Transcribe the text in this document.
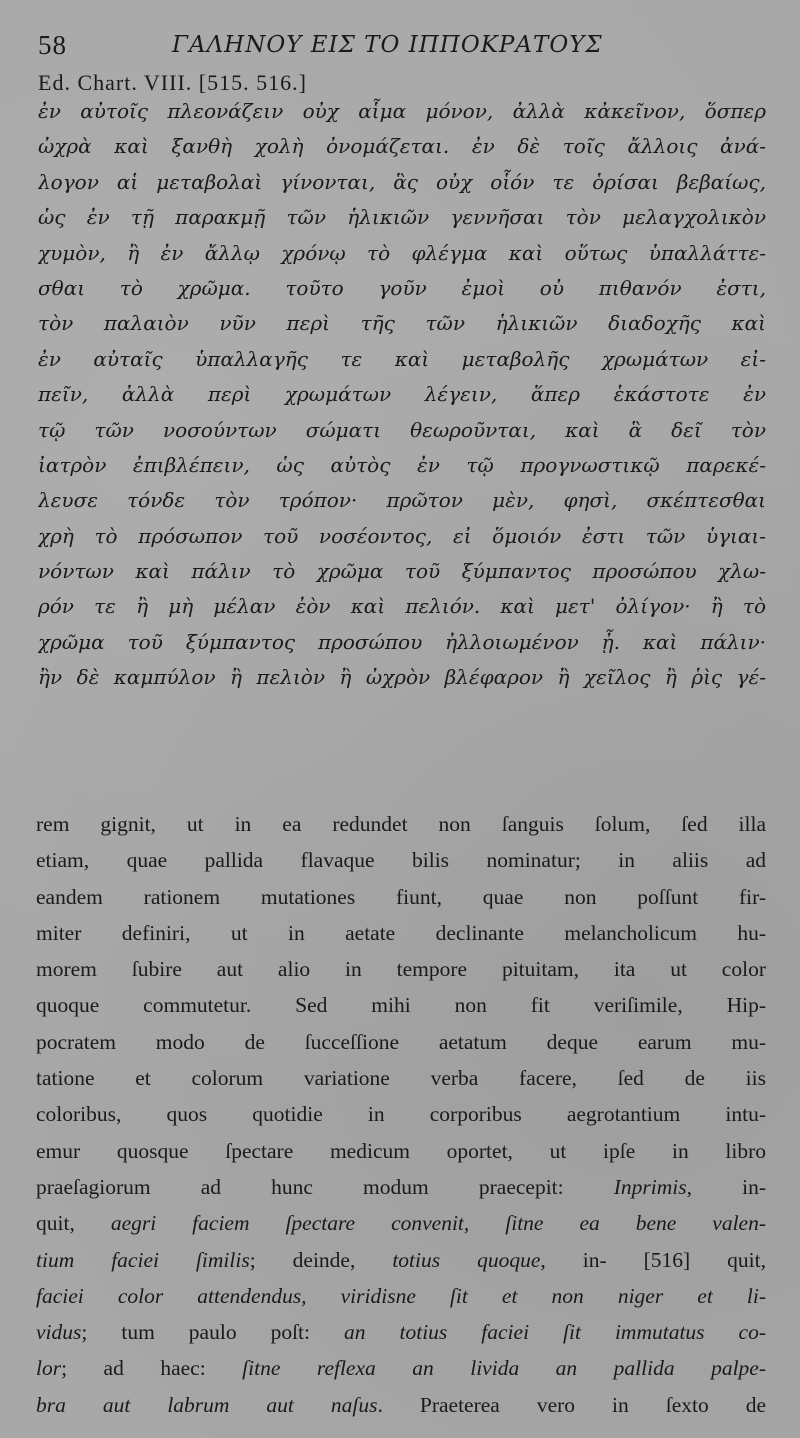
58	ΓΑΛΗΝΟΥ ΕΙΣ ΤΟ ΙΠΠΟΚΡΑΤΟΥΣ
Ed. Chart. VIII. [515. 516.]
ἐν αὐτοῖς πλεονάζειν οὐχ αἷμα μόνον, ἀλλὰ κἀκεῖνον, ὅσπερ
ὠχρὰ καὶ ξανθὴ χολὴ ὀνομάζεται. ἐν δὲ τοῖς ἄλλοις ἀνά-
λογον αἱ μεταβολαὶ γίνονται, ἃς οὐχ οἷόν τε ὁρίσαι βεβαίως,
ὡς ἐν τῇ παρακμῇ τῶν ἡλικιῶν γεννῆσαι τὸν μελαγχολικὸν
χυμὸν, ἢ ἐν ἄλλῳ χρόνῳ τὸ φλέγμα καὶ οὕτως ὑπαλλάττε-
σθαι τὸ χρῶμα. τοῦτο γοῦν ἐμοὶ οὐ πιθανόν ἐστι,
τὸν παλαιὸν νῦν περὶ τῆς τῶν ἡλικιῶν διαδοχῆς καὶ
ἐν αὐταῖς ὑπαλλαγῆς τε καὶ μεταβολῆς χρωμάτων εἰ-
πεῖν, ἀλλὰ περὶ χρωμάτων λέγειν, ἅπερ ἑκάστοτε ἐν
τῷ τῶν νοσούντων σώματι θεωροῦνται, καὶ ἃ δεῖ τὸν
ἰατρὸν ἐπιβλέπειν, ὡς αὐτὸς ἐν τῷ προγνωστικῷ παρεκέ-
λευσε τόνδε τὸν τρόπον· πρῶτον μὲν, φησὶ, σκέπτεσθαι
χρὴ τὸ πρόσωπον τοῦ νοσέοντος, εἰ ὅμοιόν ἐστι τῶν ὑγιαι-
νόντων καὶ πάλιν τὸ χρῶμα τοῦ ξύμπαντος προσώπου χλω-
ρόν τε ἢ μὴ μέλαν ἐὸν καὶ πελιόν. καὶ μετ' ὀλίγον· ἢ τὸ
χρῶμα τοῦ ξύμπαντος προσώπου ἠλλοιωμένον ᾖ. καὶ πάλιν·
ἢν δὲ καμπύλον ἢ πελιὸν ἢ ὠχρὸν βλέφαρον ἢ χεῖλος ἢ ῥὶς γέ-
rem gignit, ut in ea redundet non ſanguis ſolum, ſed illa
etiam, quae pallida flavaque bilis nominatur; in aliis ad
eandem rationem mutationes fiunt, quae non poſſunt fir-
miter definiri, ut in aetate declinante melancholicum hu-
morem ſubire aut alio in tempore pituitam, ita ut color
quoque commutetur. Sed mihi non fit veriſimile, Hip-
pocratem modo de ſucceſſione aetatum deque earum mu-
tatione et colorum variatione verba facere, ſed de iis
coloribus, quos quotidie in corporibus aegrotantium intu-
emur quosque ſpectare medicum oportet, ut ipſe in libro
praeſagiorum ad hunc modum praecepit: Inprimis, in-
quit, aegri faciem ſpectare convenit, ſitne ea bene valen-
tium faciei ſimilis; deinde, totius quoque, in- [516] quit,
faciei color attendendus, viridisne ſit et non niger et li-
vidus; tum paulo poſt: an totius faciei ſit immutatus co-
lor; ad haec: ſitne reflexa an livida an pallida palpe-
bra aut labrum aut naſus. Praeterea vero in ſexto de
